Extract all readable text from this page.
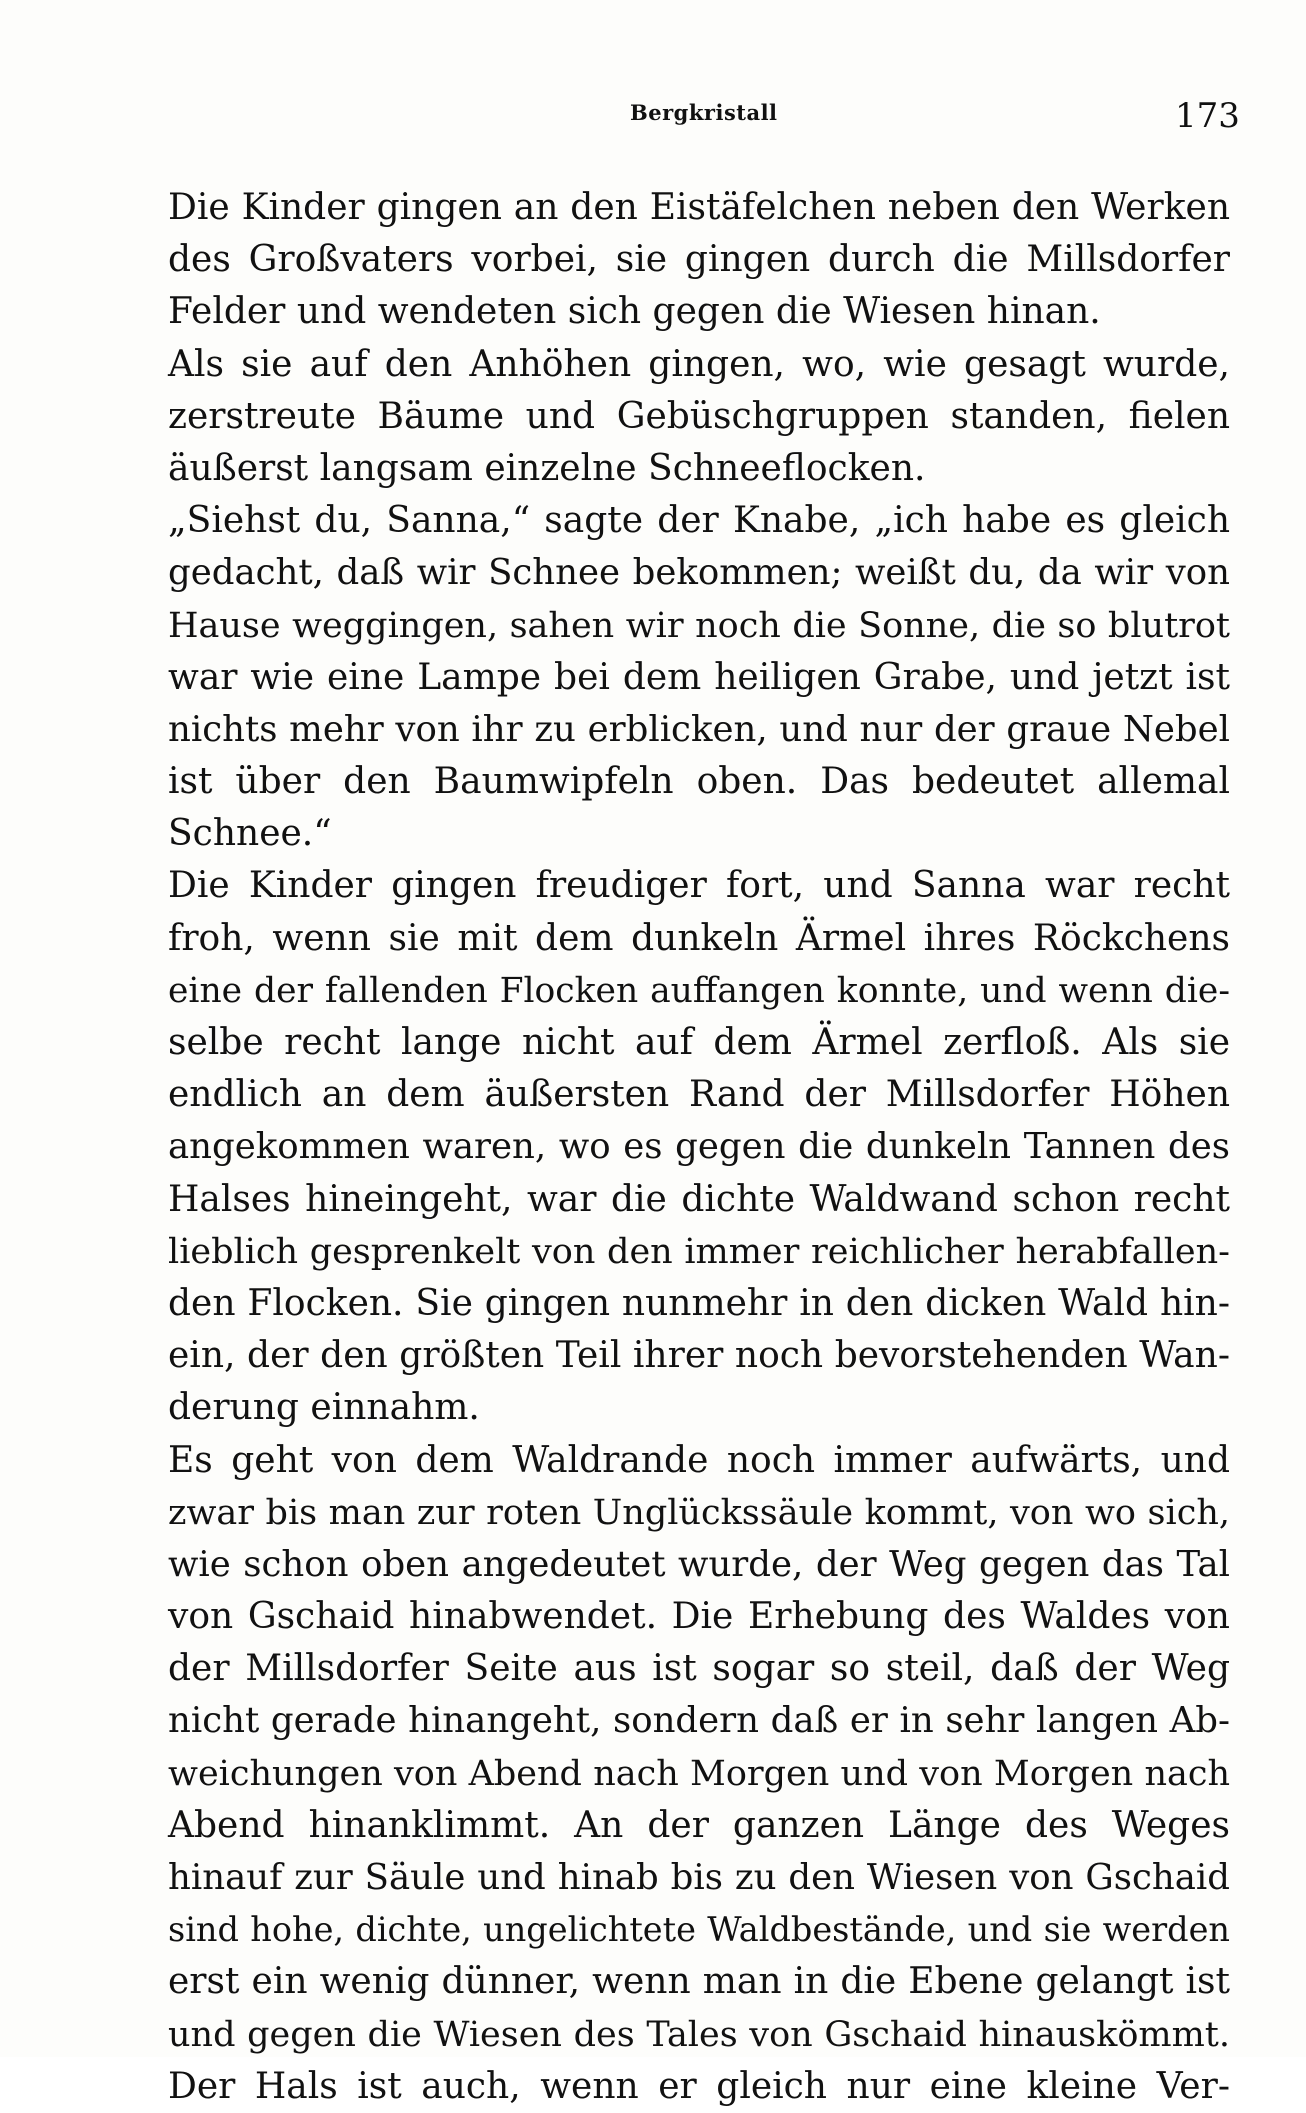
Bergkristall	173
Die Kinder gingen an den Eistäfelchen neben den Werken
des Großvaters vorbei, sie gingen durch die Millsdorfer
Felder und wendeten sich gegen die Wiesen hinan.
Als sie auf den Anhöhen gingen, wo, wie gesagt wurde,
zerstreute Bäume und Gebüschgruppen standen, fielen
äußerst langsam einzelne Schneeflocken.
„Siehst du, Sanna,“ sagte der Knabe, „ich habe es gleich
gedacht, daß wir Schnee bekommen; weißt du, da wir von
Hause weggingen, sahen wir noch die Sonne, die so blutrot
war wie eine Lampe bei dem heiligen Grabe, und jetzt ist
nichts mehr von ihr zu erblicken, und nur der graue Nebel
ist über den Baumwipfeln oben. Das bedeutet allemal
Schnee.“
Die Kinder gingen freudiger fort, und Sanna war recht
froh, wenn sie mit dem dunkeln Ärmel ihres Röckchens
eine der fallenden Flocken auffangen konnte, und wenn die-
selbe recht lange nicht auf dem Ärmel zerfloß. Als sie
endlich an dem äußersten Rand der Millsdorfer Höhen
angekommen waren, wo es gegen die dunkeln Tannen des
Halses hineingeht, war die dichte Waldwand schon recht
lieblich gesprenkelt von den immer reichlicher herabfallen-
den Flocken. Sie gingen nunmehr in den dicken Wald hin-
ein, der den größten Teil ihrer noch bevorstehenden Wan-
derung einnahm.
Es geht von dem Waldrande noch immer aufwärts, und
zwar bis man zur roten Unglückssäule kommt, von wo sich,
wie schon oben angedeutet wurde, der Weg gegen das Tal
von Gschaid hinabwendet. Die Erhebung des Waldes von
der Millsdorfer Seite aus ist sogar so steil, daß der Weg
nicht gerade hinangeht, sondern daß er in sehr langen Ab-
weichungen von Abend nach Morgen und von Morgen nach
Abend hinanklimmt. An der ganzen Länge des Weges
hinauf zur Säule und hinab bis zu den Wiesen von Gschaid
sind hohe, dichte, ungelichtete Waldbestände, und sie werden
erst ein wenig dünner, wenn man in die Ebene gelangt ist
und gegen die Wiesen des Tales von Gschaid hinauskömmt.
Der Hals ist auch, wenn er gleich nur eine kleine Ver-
